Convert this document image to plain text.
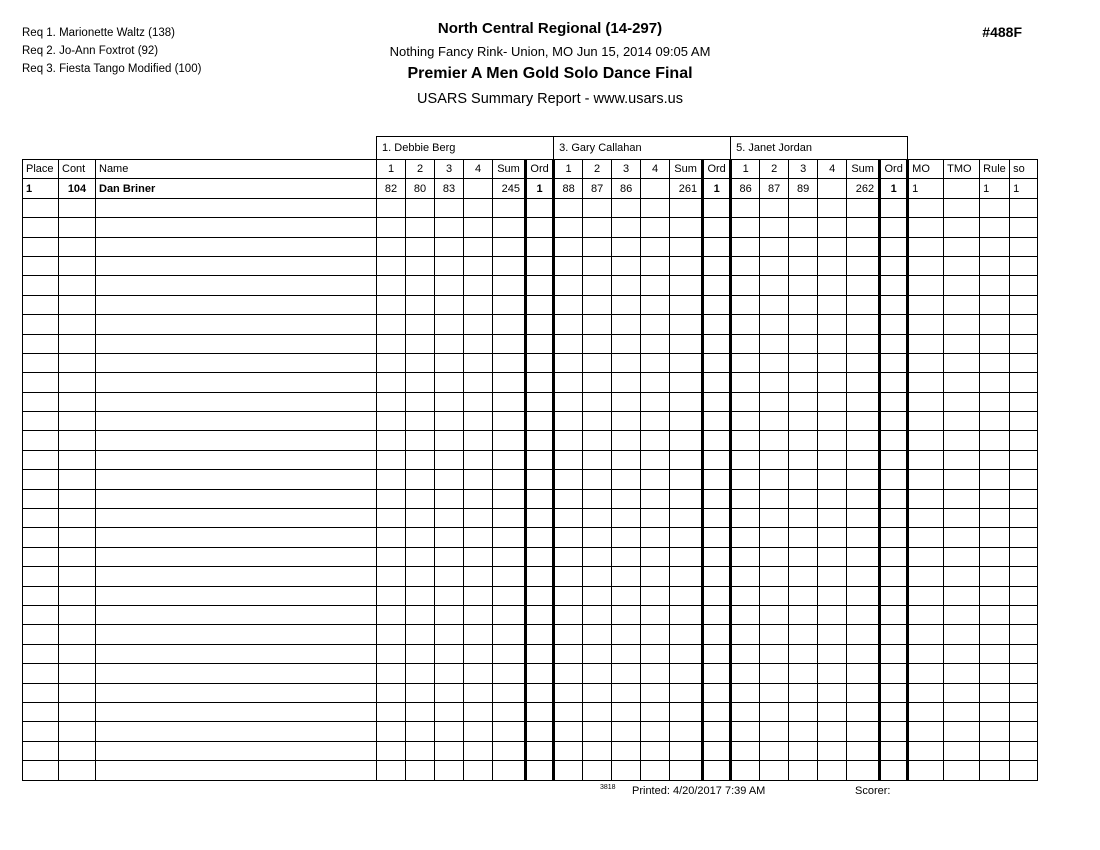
Req 1. Marionette Waltz (138)
Req 2. Jo-Ann Foxtrot (92)
Req 3. Fiesta Tango Modified (100)
North Central Regional (14-297)
Nothing Fancy Rink- Union, MO Jun 15, 2014 09:05 AM
Premier A Men Gold Solo Dance Final
USARS Summary Report - www.usars.us
#488F
			1. Debbie Berg						3. Gary Callahan						5. Janet Jordan									
Place	Cont	Name	1	2	3	4	Sum	Ord	1	2	3	4	Sum	Ord	1	2	3	4	Sum	Ord	MO	TMO	Rule	so
1	104	Dan Briner	82	80	83		245	1	88	87	86		261	1	86	87	89		262	1	1		1	1

3818 Printed: 4/20/2017 7:39 AM	Scorer:
